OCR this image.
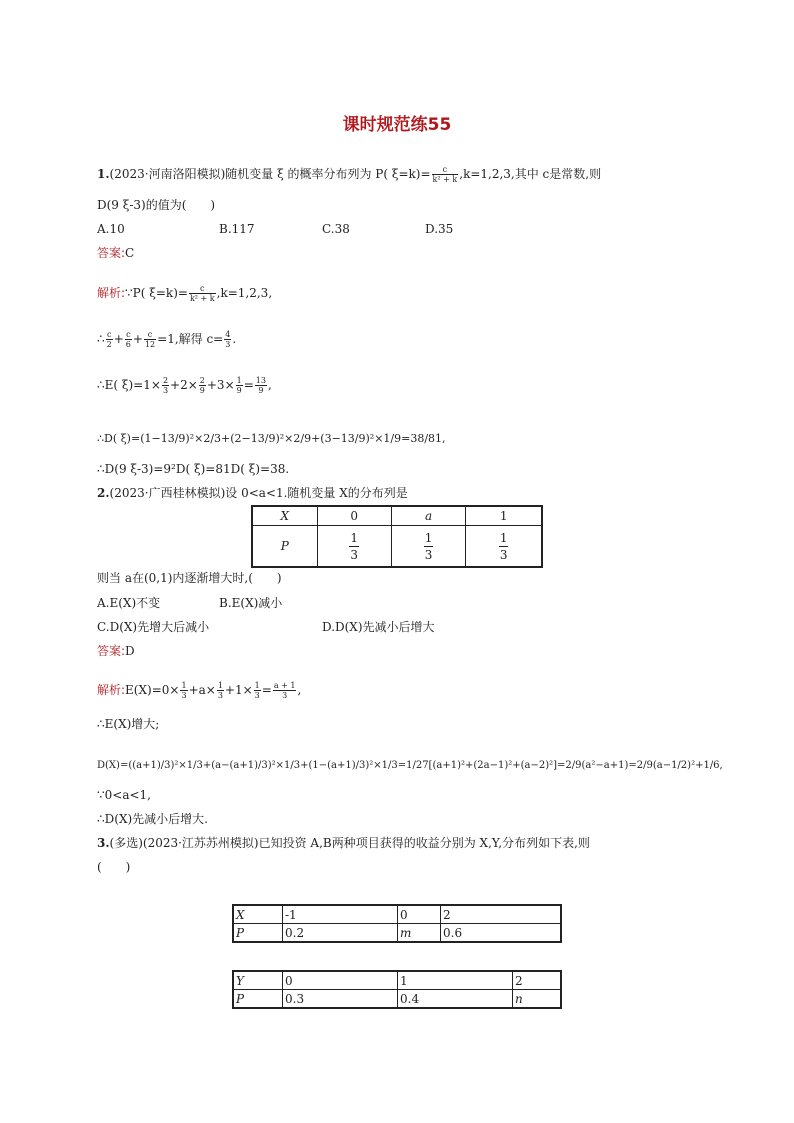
课时规范练55
1.(2023·河南洛阳模拟)随机变量 ξ 的概率分布列为 P( $\xi=k)= \frac{c}{\text{k² + k}} ,k=1,2,3$,其中 c是常数,则
D(9 ξ-3)的值为(　　)
A.10	B.117	C.38	D.35
答案:C
解析:∵P( $\xi=k)= \frac{c}{\text{k² + k}} ,k=1,2,3$,
∴ $\frac{c}{2} + \frac{c}{6} + \frac{c}{12} =1$,解得 $c= \frac{4}{3}$ .
∴E( $\xi)=1\times \frac{2}{3} +2\times \frac{2}{9} +3\times \frac{1}{9} = \frac{13}{9}$ ,
∴D( ξ)=(1−13/9)²×2/3+(2−13/9)²×2/9+(3−13/9)²×1/9=38/81,
∴D(9 ξ-3)=9²D( ξ)=81D( ξ)=38.
2.(2023·广西桂林模拟)设 0<a<1.随机变量 X的分布列是
X	0	a	1
P	$\frac{1}{3}$	$\frac{1}{3}$	$\frac{1}{3}$
则当 a在(0,1)内逐渐增大时,(　　)
A.E(X)不变	B.E(X)减小
C.D(X)先增大后减小	D.D(X)先减小后增大
答案:D
解析:E(X)=0× $\frac{1}{3} +a\times \frac{1}{3} +1\times \frac{1}{3} = \frac{a + 1}{3}$ ,
∴E(X)增大;
D(X)=((a+1)/3)²×1/3+(a−(a+1)/3)²×1/3+(1−(a+1)/3)²×1/3=1/27[(a+1)²+(2a−1)²+(a−2)²]=2/9(a²−a+1)=2/9(a−1/2)²+1/6,
∵0<a<1,
∴D(X)先减小后增大.
3.(多选)(2023·江苏苏州模拟)已知投资 A,B两种项目获得的收益分别为 X,Y,分布列如下表,则
(　　)
X	-1	0	2
P	0.2	m	0.6
Y	0	1	2
P	0.3	0.4	n
